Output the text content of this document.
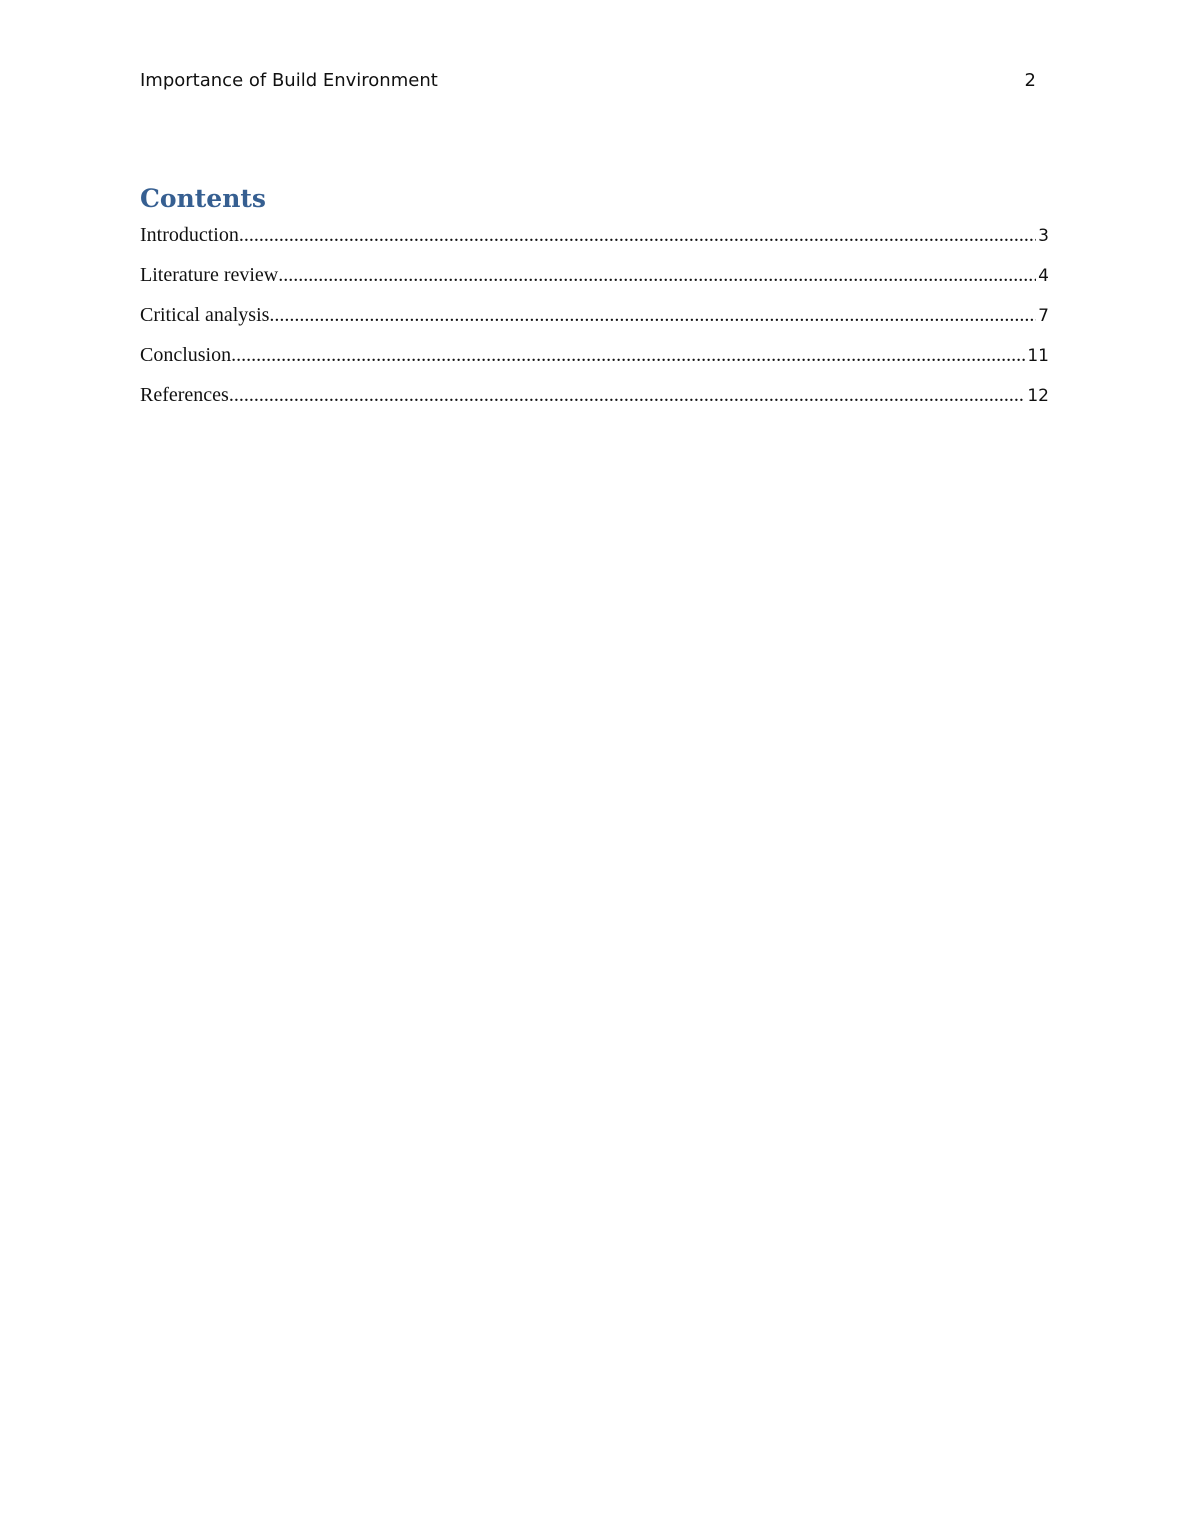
Importance of Build Environment	2
Contents
Introduction .....	3
Literature review .....	4
Critical analysis .....	7
Conclusion .....	11
References .....	12
